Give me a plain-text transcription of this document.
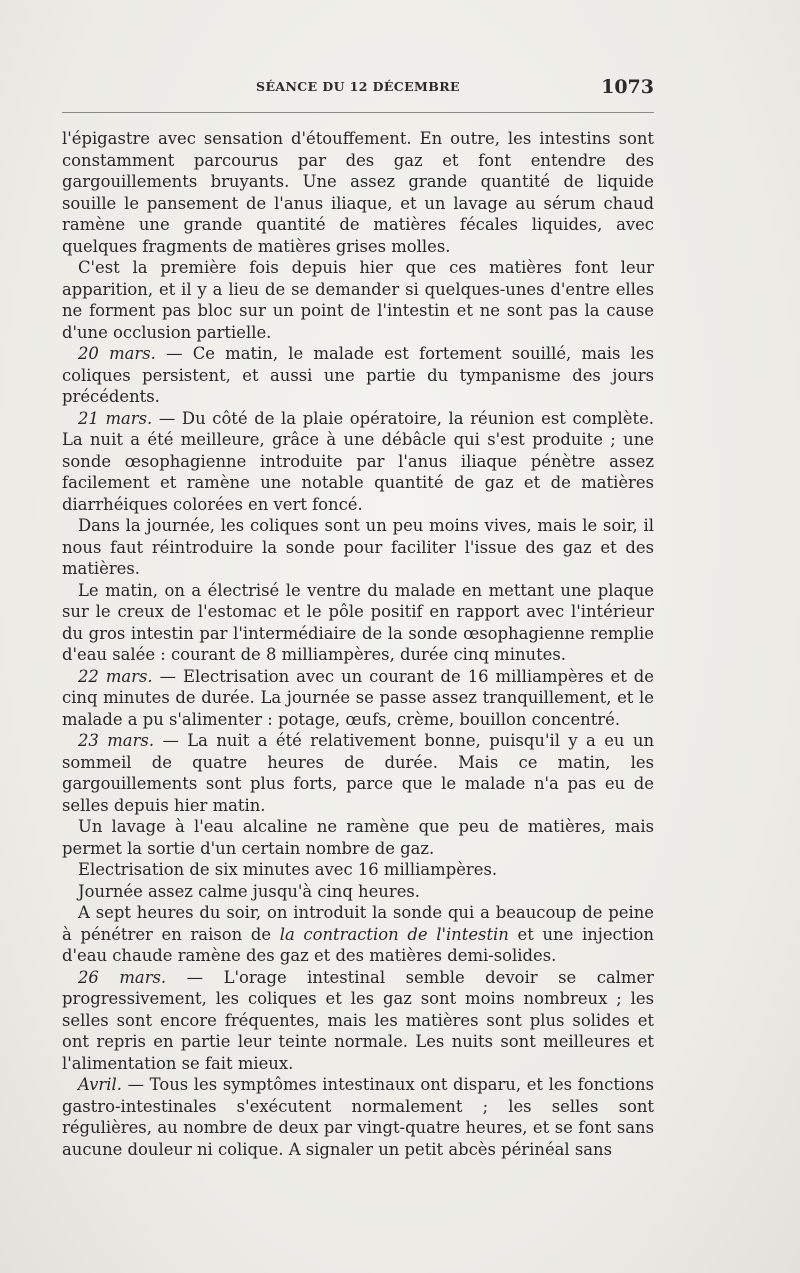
SÉANCE DU 12 DÉCEMBRE	1073

l'épigastre avec sensation d'étouffement. En outre, les intestins sont constamment parcourus par des gaz et font entendre des gargouillements bruyants. Une assez grande quantité de liquide souille le pansement de l'anus iliaque, et un lavage au sérum chaud ramène une grande quantité de matières fécales liquides, avec quelques fragments de matières grises molles.

C'est la première fois depuis hier que ces matières font leur apparition, et il y a lieu de se demander si quelques-unes d'entre elles ne forment pas bloc sur un point de l'intestin et ne sont pas la cause d'une occlusion partielle.

20 mars. — Ce matin, le malade est fortement souillé, mais les coliques persistent, et aussi une partie du tympanisme des jours précédents.

21 mars. — Du côté de la plaie opératoire, la réunion est complète. La nuit a été meilleure, grâce à une débâcle qui s'est produite ; une sonde œsophagienne introduite par l'anus iliaque pénètre assez facilement et ramène une notable quantité de gaz et de matières diarrhéiques colorées en vert foncé.

Dans la journée, les coliques sont un peu moins vives, mais le soir, il nous faut réintroduire la sonde pour faciliter l'issue des gaz et des matières.

Le matin, on a électrisé le ventre du malade en mettant une plaque sur le creux de l'estomac et le pôle positif en rapport avec l'intérieur du gros intestin par l'intermédiaire de la sonde œsophagienne remplie d'eau salée : courant de 8 milliampères, durée cinq minutes.

22 mars. — Electrisation avec un courant de 16 milliampères et de cinq minutes de durée. La journée se passe assez tranquillement, et le malade a pu s'alimenter : potage, œufs, crème, bouillon concentré.

23 mars. — La nuit a été relativement bonne, puisqu'il y a eu un sommeil de quatre heures de durée. Mais ce matin, les gargouillements sont plus forts, parce que le malade n'a pas eu de selles depuis hier matin.

Un lavage à l'eau alcaline ne ramène que peu de matières, mais permet la sortie d'un certain nombre de gaz.

Electrisation de six minutes avec 16 milliampères.

Journée assez calme jusqu'à cinq heures.

A sept heures du soir, on introduit la sonde qui a beaucoup de peine à pénétrer en raison de la contraction de l'intestin et une injection d'eau chaude ramène des gaz et des matières demi-solides.

26 mars. — L'orage intestinal semble devoir se calmer progressivement, les coliques et les gaz sont moins nombreux ; les selles sont encore fréquentes, mais les matières sont plus solides et ont repris en partie leur teinte normale. Les nuits sont meilleures et l'alimentation se fait mieux.

Avril. — Tous les symptômes intestinaux ont disparu, et les fonctions gastro-intestinales s'exécutent normalement ; les selles sont régulières, au nombre de deux par vingt-quatre heures, et se font sans aucune douleur ni colique. A signaler un petit abcès périnéal sans
